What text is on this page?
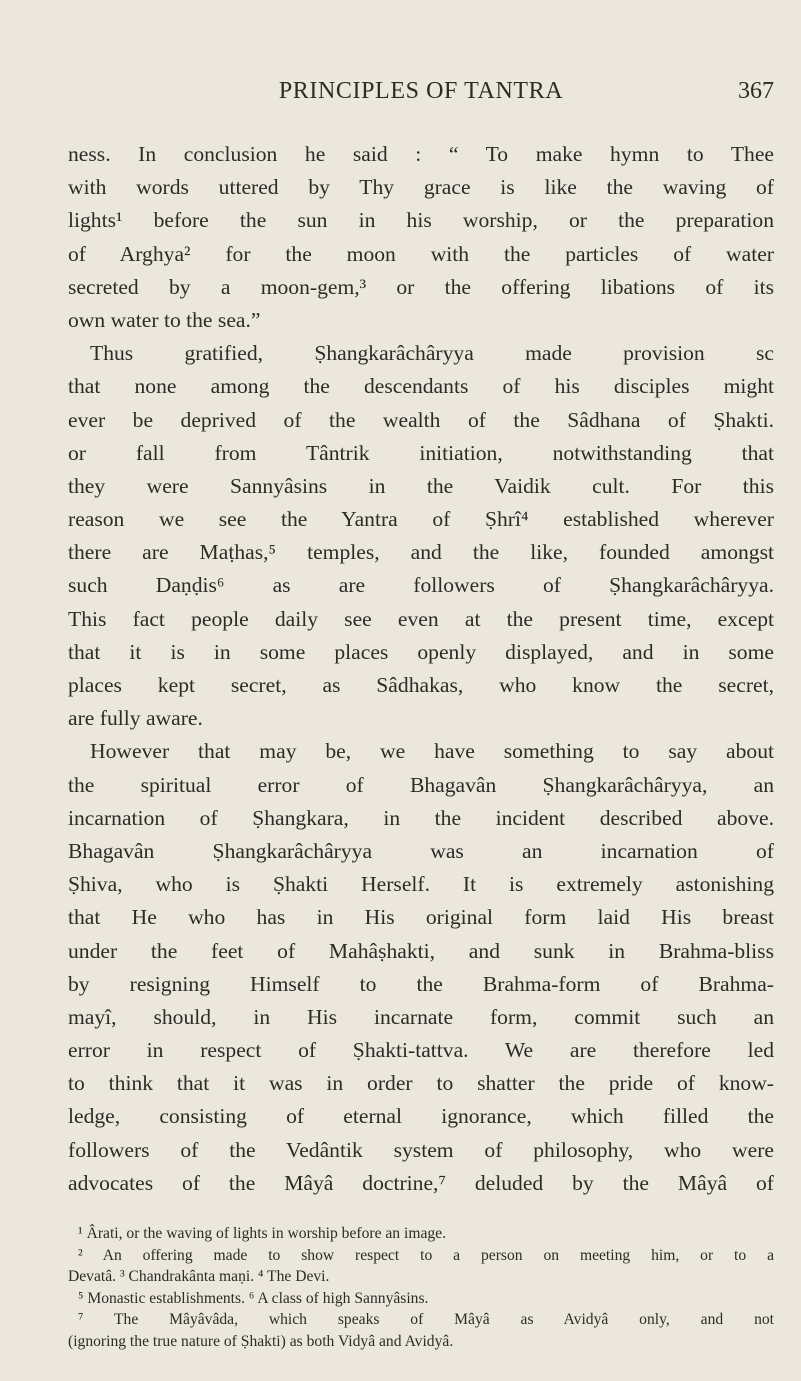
PRINCIPLES OF TANTRA	367
ness. In conclusion he said : “ To make hymn to Thee
with words uttered by Thy grace is like the waving of
lights¹ before the sun in his worship, or the preparation
of Arghya² for the moon with the particles of water
secreted by a moon-gem,³ or the offering libations of its
own water to the sea.”
Thus gratified, Ṣhangkarâchâryya made provision sc
that none among the descendants of his disciples might
ever be deprived of the wealth of the Sâdhana of Ṣhakti.
or fall from Tântrik initiation, notwithstanding that
they were Sannyâsins in the Vaidik cult. For this
reason we see the Yantra of Ṣhrî⁴ established wherever
there are Maṭhas,⁵ temples, and the like, founded amongst
such Daṇḍis⁶ as are followers of Ṣhangkarâchâryya.
This fact people daily see even at the present time, except
that it is in some places openly displayed, and in some
places kept secret, as Sâdhakas, who know the secret,
are fully aware.
However that may be, we have something to say about
the spiritual error of Bhagavân Ṣhangkarâchâryya, an
incarnation of Ṣhangkara, in the incident described above.
Bhagavân Ṣhangkarâchâryya was an incarnation of
Ṣhiva, who is Ṣhakti Herself. It is extremely astonishing
that He who has in His original form laid His breast
under the feet of Mahâṣhakti, and sunk in Brahma-bliss
by resigning Himself to the Brahma-form of Brahma-
mayî, should, in His incarnate form, commit such an
error in respect of Ṣhakti-tattva. We are therefore led
to think that it was in order to shatter the pride of know-
ledge, consisting of eternal ignorance, which filled the
followers of the Vedântik system of philosophy, who were
advocates of the Mâyâ doctrine,⁷ deluded by the Mâyâ of
¹ Ârati, or the waving of lights in worship before an image.
² An offering made to show respect to a person on meeting him, or to a
Devatâ. ³ Chandrakânta maṇi. ⁴ The Devi.
⁵ Monastic establishments. ⁶ A class of high Sannyâsins.
⁷ The Mâyâvâda, which speaks of Mâyâ as Avidyâ only, and not
(ignoring the true nature of Ṣhakti) as both Vidyâ and Avidyâ.
